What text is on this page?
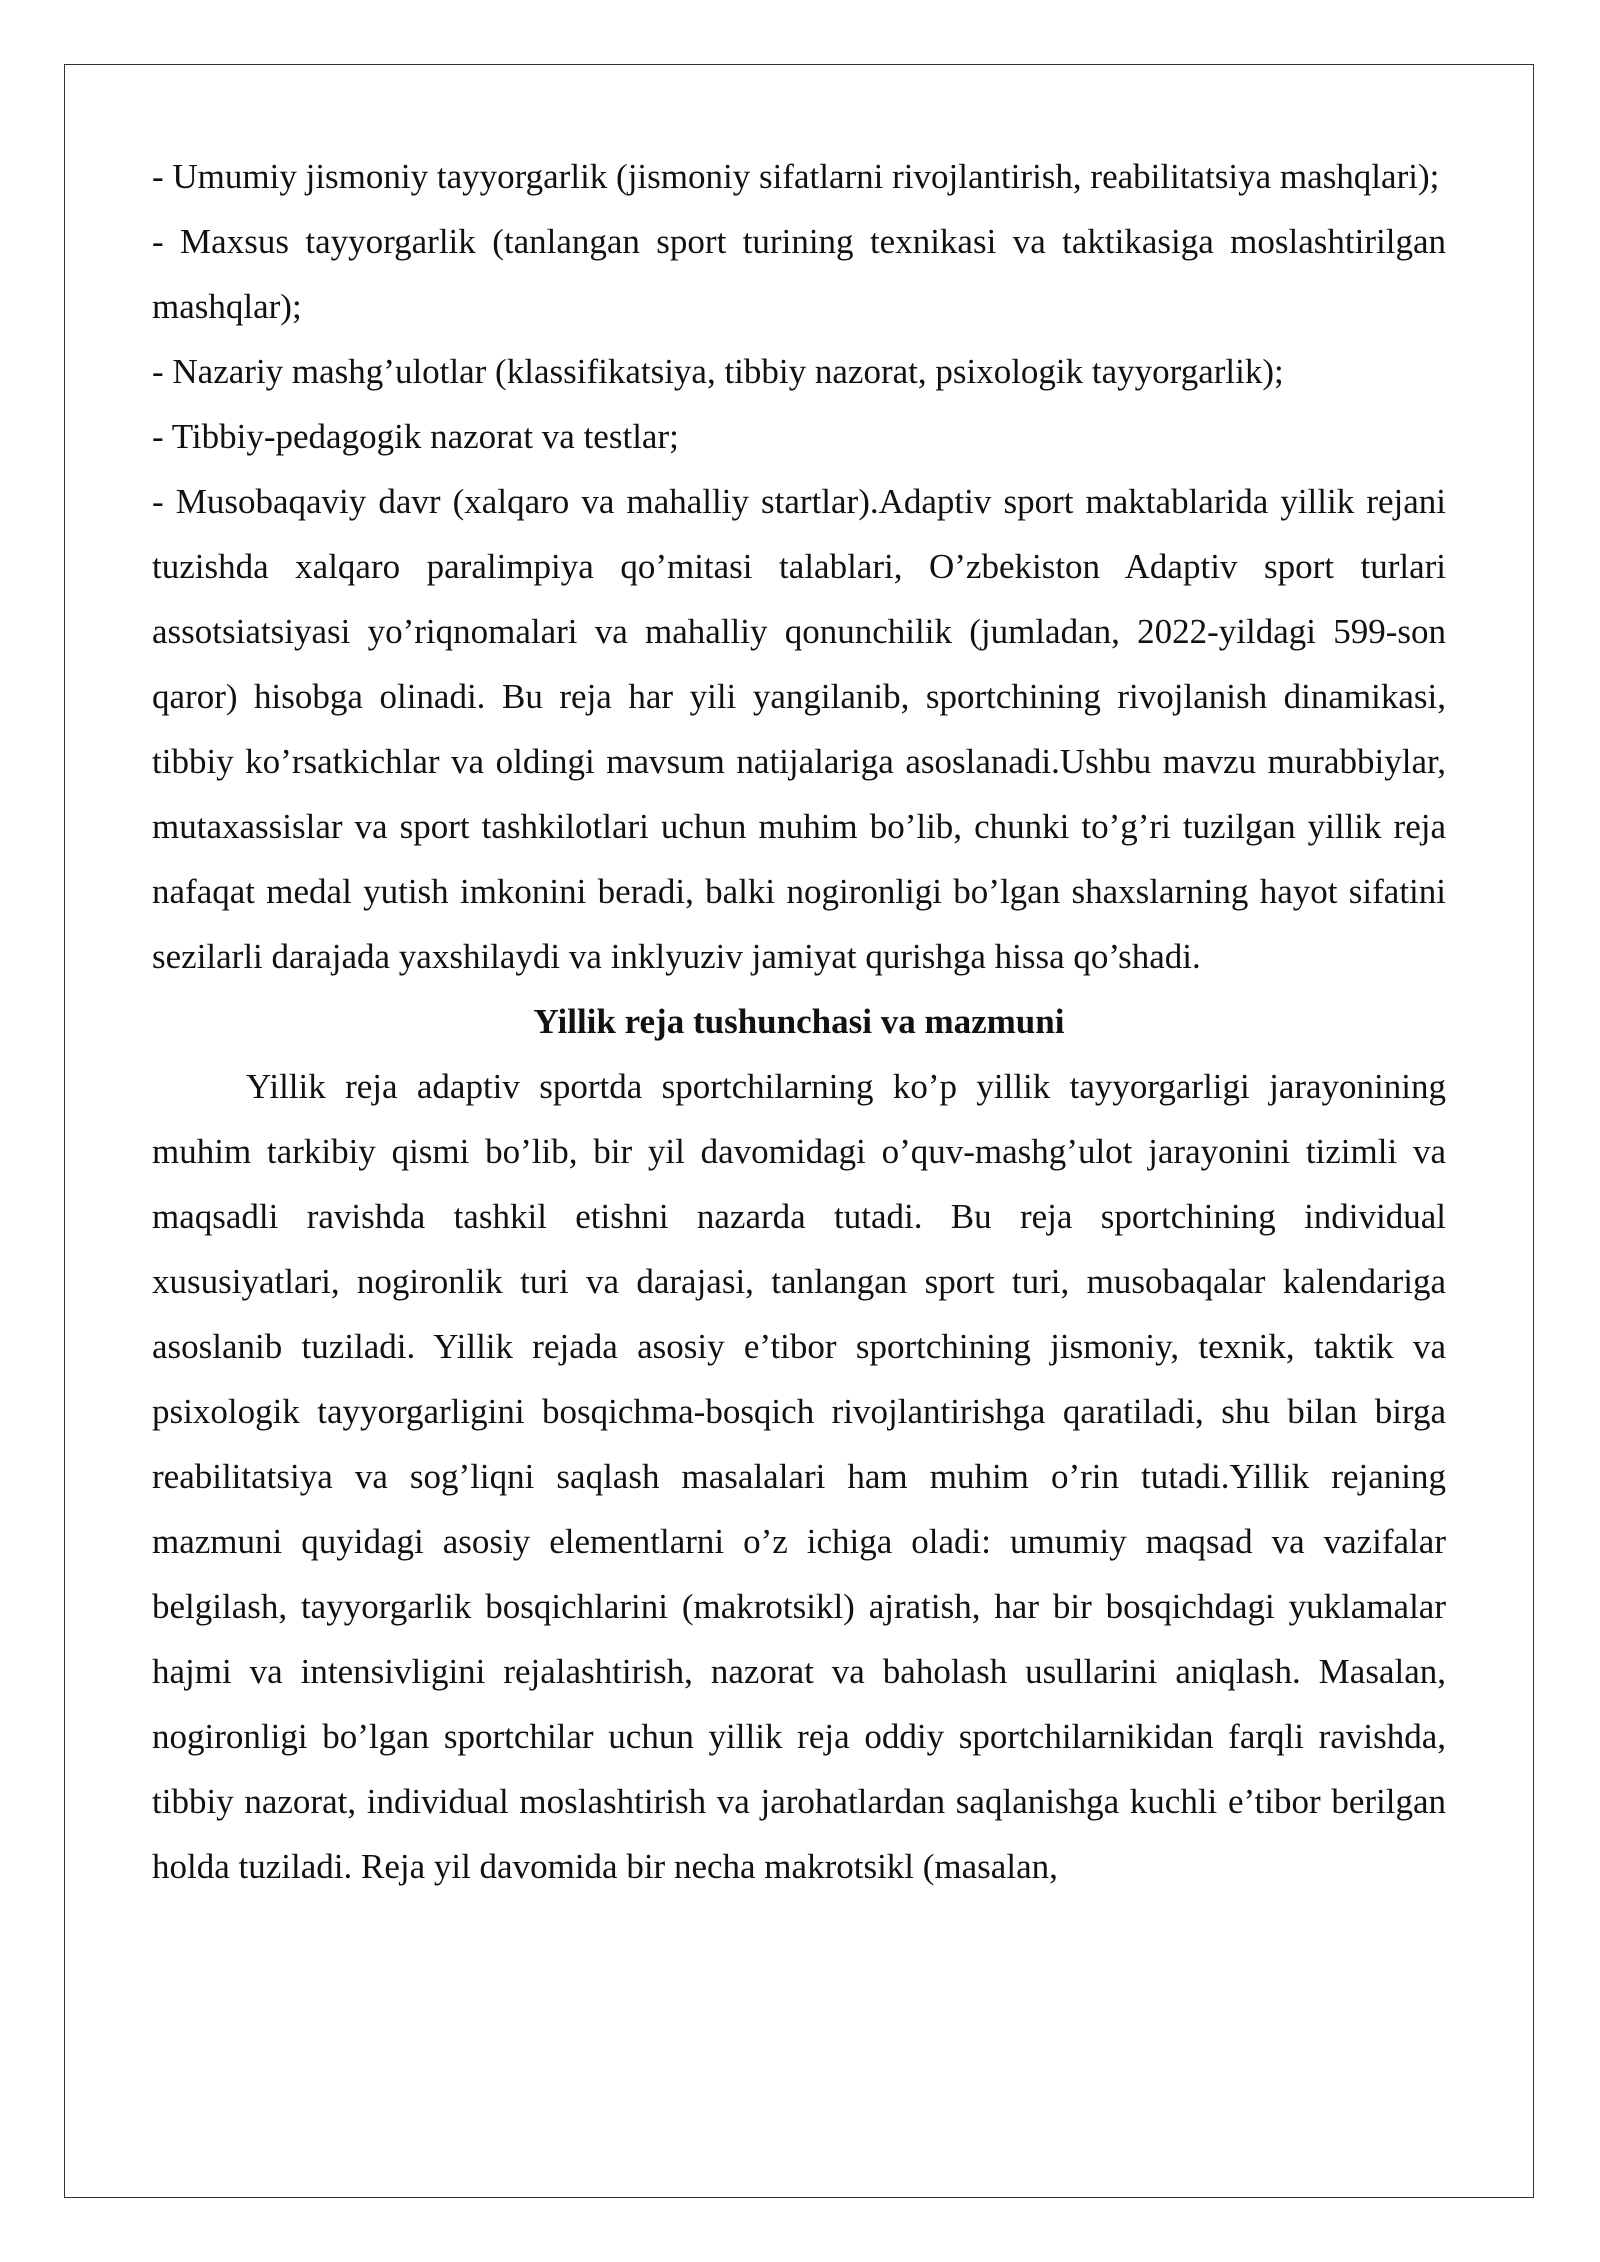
- Umumiy jismoniy tayyorgarlik (jismoniy sifatlarni rivojlantirish, reabilitatsiya mashqlari);

- Maxsus tayyorgarlik (tanlangan sport turining texnikasi va taktikasiga moslashtirilgan mashqlar);

- Nazariy mashg’ulotlar (klassifikatsiya, tibbiy nazorat, psixologik tayyorgarlik);

- Tibbiy-pedagogik nazorat va testlar;

- Musobaqaviy davr (xalqaro va mahalliy startlar).Adaptiv sport maktablarida yillik rejani tuzishda xalqaro paralimpiya qo’mitasi talablari, O’zbekiston Adaptiv sport turlari assotsiatsiyasi yo’riqnomalari va mahalliy qonunchilik (jumladan, 2022-yildagi 599-son qaror) hisobga olinadi. Bu reja har yili yangilanib, sportchining rivojlanish dinamikasi, tibbiy ko’rsatkichlar va oldingi mavsum natijalariga asoslanadi.Ushbu mavzu murabbiylar, mutaxassislar va sport tashkilotlari uchun muhim bo’lib, chunki to’g’ri tuzilgan yillik reja nafaqat medal yutish imkonini beradi, balki nogironligi bo’lgan shaxslarning hayot sifatini sezilarli darajada yaxshilaydi va inklyuziv jamiyat qurishga hissa qo’shadi.

Yillik reja tushunchasi va mazmuni

Yillik reja adaptiv sportda sportchilarning ko’p yillik tayyorgarligi jarayonining muhim tarkibiy qismi bo’lib, bir yil davomidagi o’quv-mashg’ulot jarayonini tizimli va maqsadli ravishda tashkil etishni nazarda tutadi. Bu reja sportchining individual xususiyatlari, nogironlik turi va darajasi, tanlangan sport turi, musobaqalar kalendariga asoslanib tuziladi. Yillik rejada asosiy e’tibor sportchining jismoniy, texnik, taktik va psixologik tayyorgarligini bosqichma-bosqich rivojlantirishga qaratiladi, shu bilan birga reabilitatsiya va sog’liqni saqlash masalalari ham muhim o’rin tutadi.Yillik rejaning mazmuni quyidagi asosiy elementlarni o’z ichiga oladi: umumiy maqsad va vazifalar belgilash, tayyorgarlik bosqichlarini (makrotsikl) ajratish, har bir bosqichdagi yuklamalar hajmi va intensivligini rejalashtirish, nazorat va baholash usullarini aniqlash. Masalan, nogironligi bo’lgan sportchilar uchun yillik reja oddiy sportchilarnikidan farqli ravishda, tibbiy nazorat, individual moslashtirish va jarohatlardan saqlanishga kuchli e’tibor berilgan holda tuziladi. Reja yil davomida bir necha makrotsikl (masalan,
